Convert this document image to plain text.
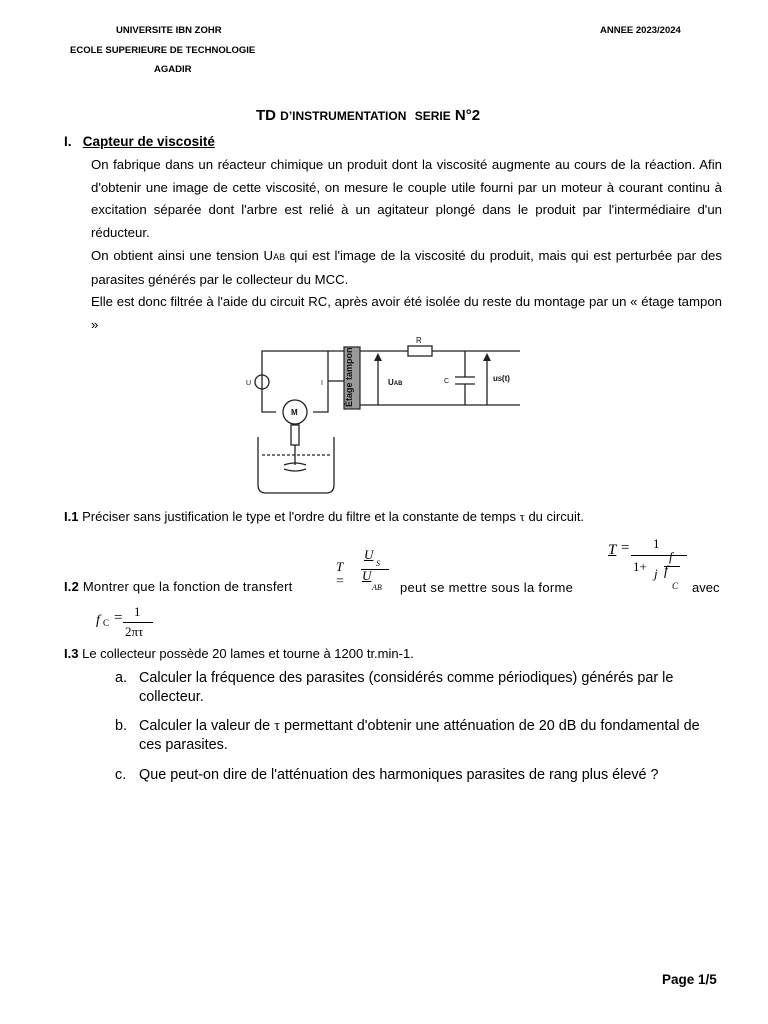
UNIVERSITE IBN ZOHR
ECOLE SUPERIEURE DE TECHNOLOGIE
AGADIR
ANNEE 2023/2024
TD D’INSTRUMENTATION SERIE N°2
I. Capteur de viscosité
On fabrique dans un réacteur chimique un produit dont la viscosité augmente au cours de la réaction. Afin d'obtenir une image de cette viscosité, on mesure le couple utile fourni par un moteur à courant continu à excitation séparée dont l'arbre est relié à un agitateur plongé dans le produit par l'intermédiaire d'un réducteur.
On obtient ainsi une tension UAB qui est l'image de la viscosité du produit, mais qui est perturbée par des parasites générés par le collecteur du MCC.
Elle est donc filtrée à l'aide du circuit RC, après avoir été isolée du reste du montage par un « étage tampon »
Étage tampon
R
C
U	I
M
UAB
uS(t)
I.1 Préciser sans justification le type et l'ordre du filtre et la constante de temps τ du circuit.
T = 1
1+ j
f
f
C
I.2 Montrer que la fonction de transfert
T
=
U
S
U
AB peut se mettre sous la forme	avec
f C = 1
2πτ
I.3 Le collecteur possède 20 lames et tourne à 1200 tr.min-1.
a. Calculer la fréquence des parasites (considérés comme périodiques) générés par le collecteur.
b. Calculer la valeur de τ permettant d'obtenir une atténuation de 20 dB du fondamental de ces parasites.
c. Que peut-on dire de l'atténuation des harmoniques parasites de rang plus élevé ?
Page 1/5
